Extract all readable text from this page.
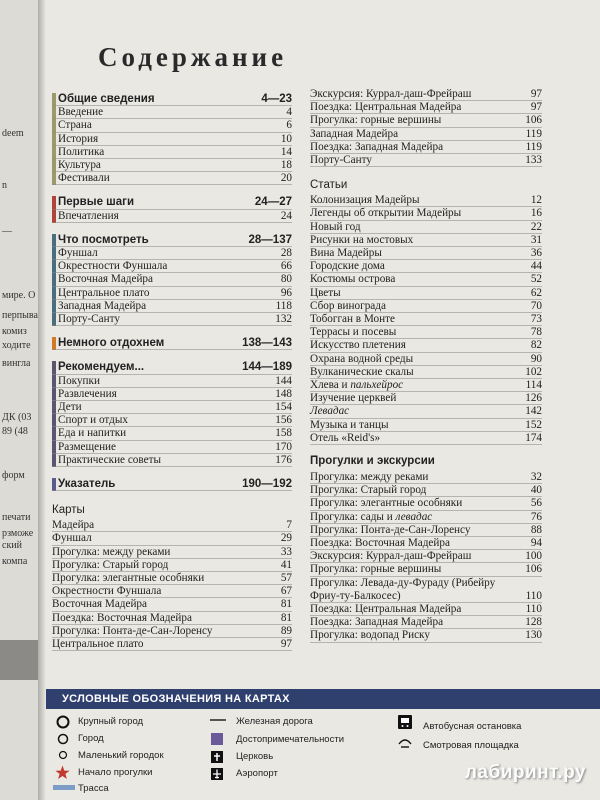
deem
n
—
мире. О
перпыва
комиз
ходите
вингла
ДК (03
89 (48
форм
печати
рзможе
ский
компа
Содержание
Общие сведения	4—23
Введение	4
Страна	6
История	10
Политика	14
Культура	18
Фестивали	20
Первые шаги	24—27
Впечатления	24
Что посмотреть	28—137
Фуншал	28
Окрестности Фуншала	66
Восточная Мадейра	80
Центральное плато	96
Западная Мадейра	118
Порту-Санту	132
Немного отдохнем	138—143
Рекомендуем...	144—189
Покупки	144
Развлечения	148
Дети	154
Спорт и отдых	156
Еда и напитки	158
Размещение	170
Практические советы	176
Указатель	190—192
Карты
Мадейра	7
Фуншал	29
Прогулка: между реками	33
Прогулка: Старый город	41
Прогулка: элегантные особняки	57
Окрестности Фуншала	67
Восточная Мадейра	81
Поездка: Восточная Мадейра	81
Прогулка: Понта-де-Сан-Лоренсу	89
Центральное плато	97
Экскурсия: Куррал-даш-Фрейраш	97
Поездка: Центральная Мадейра	97
Прогулка: горные вершины	106
Западная Мадейра	119
Поездка: Западная Мадейра	119
Порту-Санту	133
Статьи
Колонизация Мадейры	12
Легенды об открытии Мадейры	16
Новый год	22
Рисунки на мостовых	31
Вина Мадейры	36
Городские дома	44
Костюмы острова	52
Цветы	62
Сбор винограда	70
Тобогган в Монте	73
Террасы и посевы	78
Искусство плетения	82
Охрана водной среды	90
Вулканические скалы	102
Хлева и пальхейрос	114
Изучение церквей	126
Левадас	142
Музыка и танцы	152
Отель «Reid's»	174
Прогулки и экскурсии
Прогулка: между реками	32
Прогулка: Старый город	40
Прогулка: элегантные особняки	56
Прогулка: сады и левадас	76
Прогулка: Понта-де-Сан-Лоренсу	88
Поездка: Восточная Мадейра	94
Экскурсия: Куррал-даш-Фрейраш	100
Прогулка: горные вершины	106
Прогулка: Левада-ду-Фураду (Рибейру
Фриу-ту-Балкосес)	110
Поездка: Центральная Мадейра	110
Поездка: Западная Мадейра	128
Прогулка: водопад Риску	130
УСЛОВНЫЕ ОБОЗНАЧЕНИЯ НА КАРТАХ
Крупный город
Город
Маленький городок
Начало прогулки
Трасса
Железная дорога
Достопримечательности
Церковь
Аэропорт
Автобусная остановка
Смотровая площадка
лабиринт.ру
